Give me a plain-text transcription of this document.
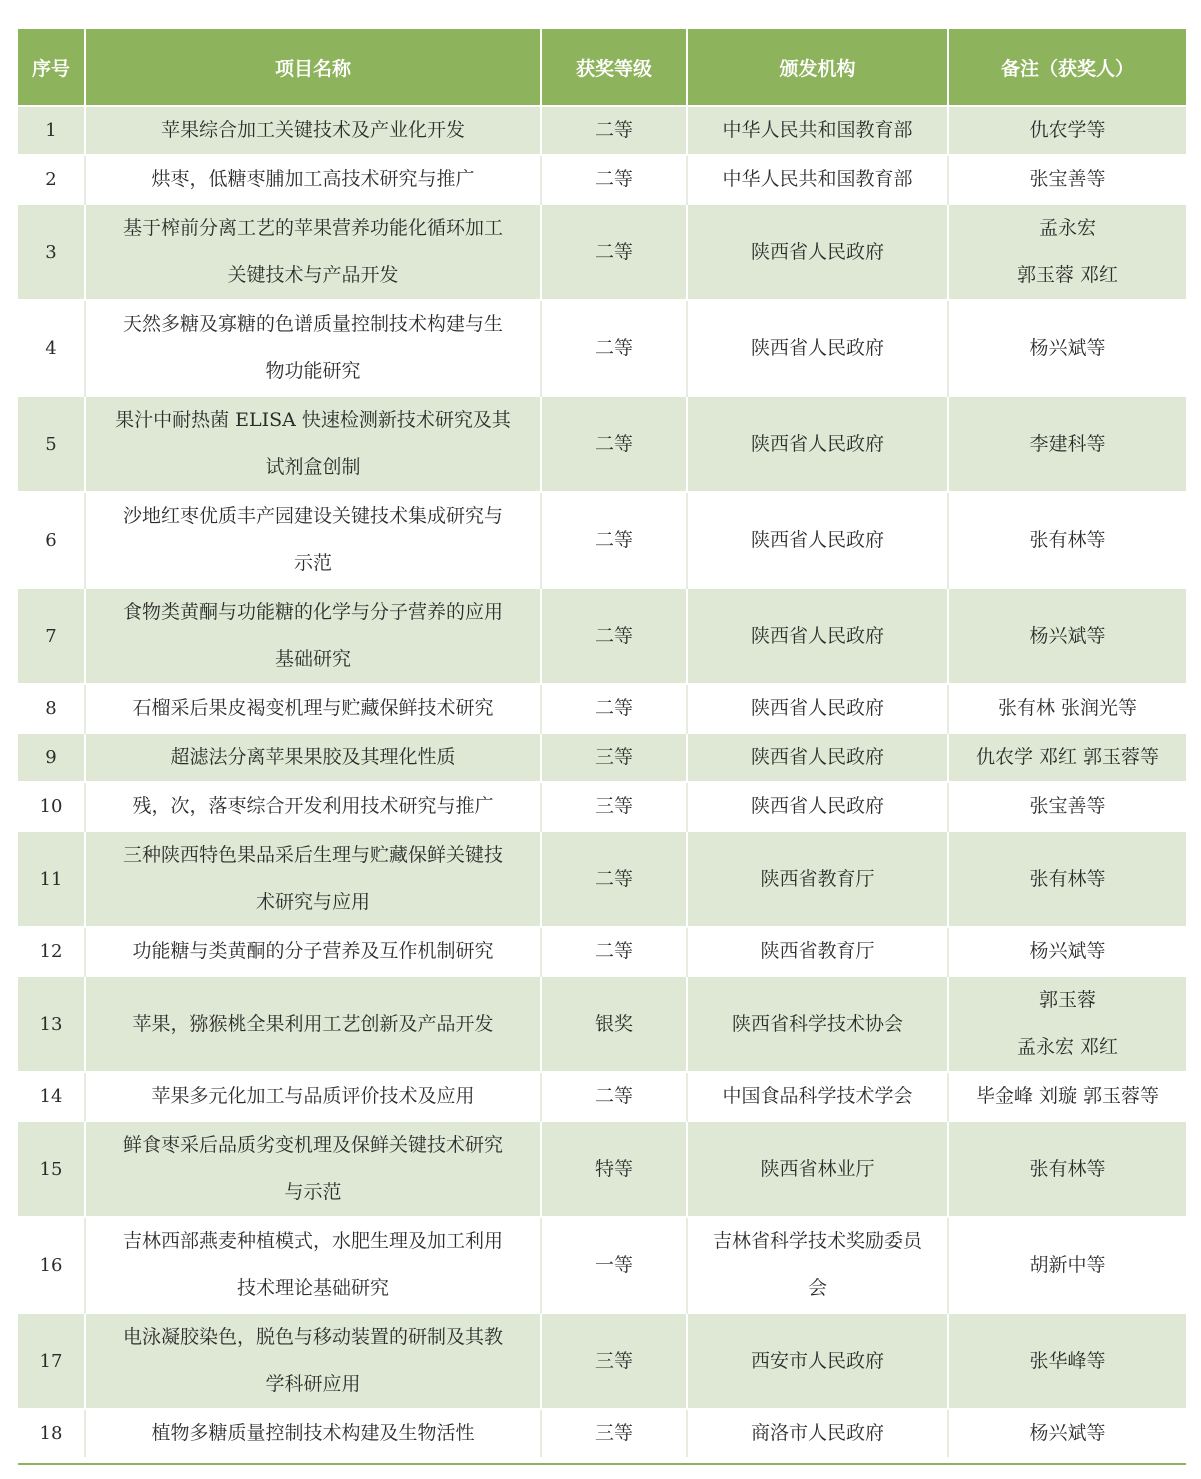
序号	项目名称	获奖等级	颁发机构	备注（获奖人）
1	苹果综合加工关键技术及产业化开发	二等	中华人民共和国教育部	仇农学等

2	烘枣，低糖枣脯加工高技术研究与推广	二等	中华人民共和国教育部	张宝善等

3	基于榨前分离工艺的苹果营养功能化循环加工
关键技术与产品开发	二等	陕西省人民政府	孟永宏
郭玉蓉 邓红

4	天然多糖及寡糖的色谱质量控制技术构建与生
物功能研究	二等	陕西省人民政府	杨兴斌等

5	果汁中耐热菌 ELISA 快速检测新技术研究及其
试剂盒创制	二等	陕西省人民政府	李建科等

6	沙地红枣优质丰产园建设关键技术集成研究与
示范	二等	陕西省人民政府	张有林等

7	食物类黄酮与功能糖的化学与分子营养的应用
基础研究	二等	陕西省人民政府	杨兴斌等

8	石榴采后果皮褐变机理与贮藏保鲜技术研究	二等	陕西省人民政府	张有林 张润光等

9	超滤法分离苹果果胶及其理化性质	三等	陕西省人民政府	仇农学 邓红 郭玉蓉等

10	残，次，落枣综合开发利用技术研究与推广	三等	陕西省人民政府	张宝善等

11	三种陕西特色果品采后生理与贮藏保鲜关键技
术研究与应用	二等	陕西省教育厅	张有林等

12	功能糖与类黄酮的分子营养及互作机制研究	二等	陕西省教育厅	杨兴斌等

13	苹果，猕猴桃全果利用工艺创新及产品开发	银奖	陕西省科学技术协会	郭玉蓉
孟永宏 邓红

14	苹果多元化加工与品质评价技术及应用	二等	中国食品科学技术学会	毕金峰 刘璇 郭玉蓉等

15	鲜食枣采后品质劣变机理及保鲜关键技术研究
与示范	特等	陕西省林业厅	张有林等

16	吉林西部燕麦种植模式，水肥生理及加工利用
技术理论基础研究	一等	吉林省科学技术奖励委员
会	胡新中等

17	电泳凝胶染色，脱色与移动装置的研制及其教
学科研应用	三等	西安市人民政府	张华峰等

18	植物多糖质量控制技术构建及生物活性	三等	商洛市人民政府	杨兴斌等
